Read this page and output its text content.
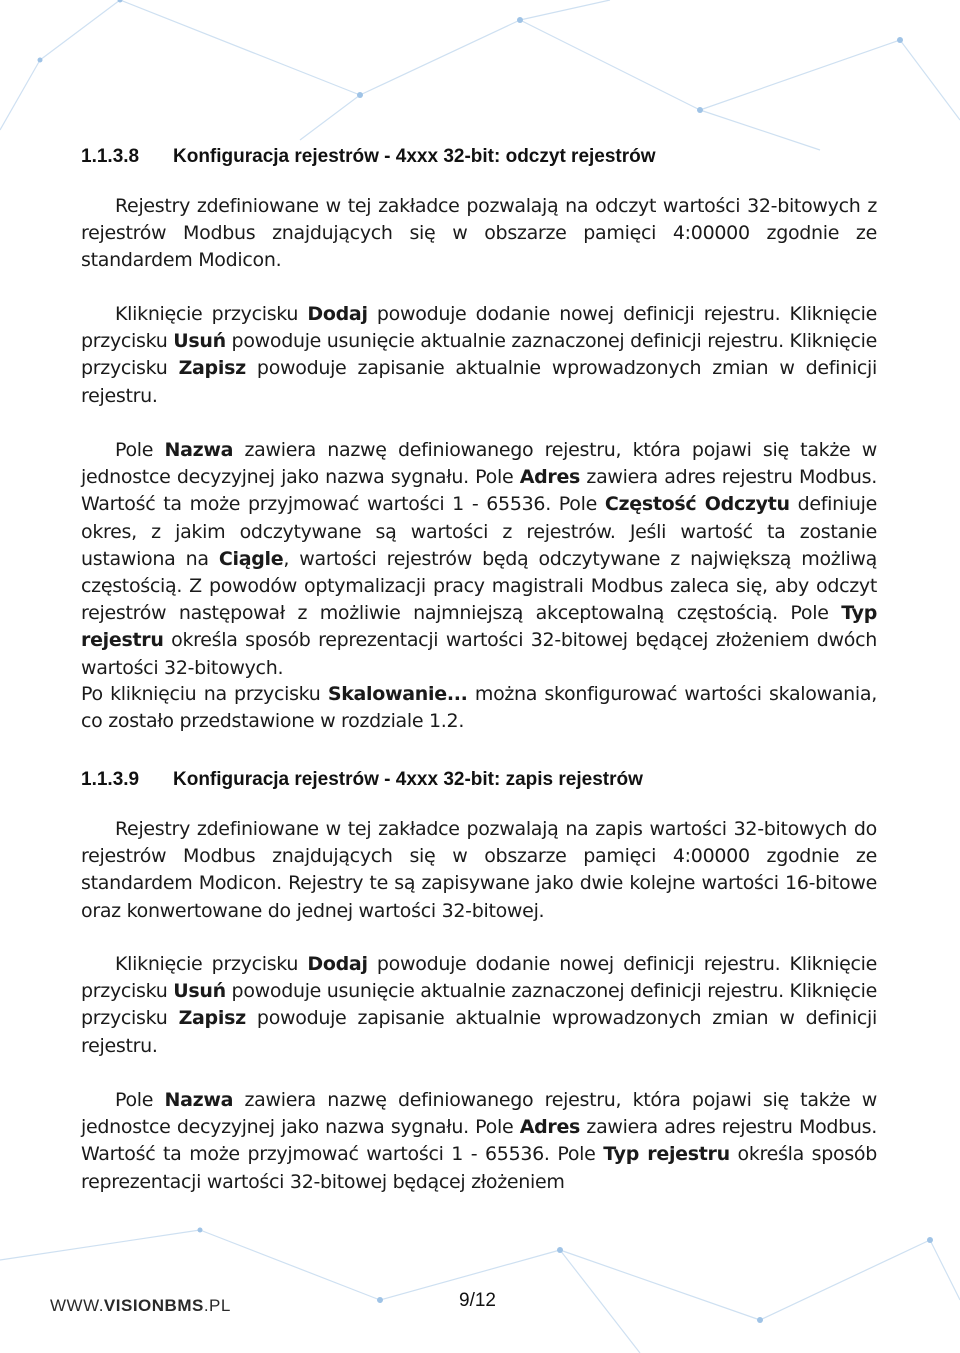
1.1.3.8 Konfiguracja rejestrów - 4xxx 32-bit: odczyt rejestrów
Rejestry zdefiniowane w tej zakładce pozwalają na odczyt wartości 32-bitowych z rejestrów Modbus znajdujących się w obszarze pamięci 4:00000 zgodnie ze standardem Modicon.
Kliknięcie przycisku Dodaj powoduje dodanie nowej definicji rejestru. Kliknięcie przycisku Usuń powoduje usunięcie aktualnie zaznaczonej definicji rejestru. Kliknięcie przycisku Zapisz powoduje zapisanie aktualnie wprowadzonych zmian w definicji rejestru.
Pole Nazwa zawiera nazwę definiowanego rejestru, która pojawi się także w jednostce decyzyjnej jako nazwa sygnału. Pole Adres zawiera adres rejestru Modbus. Wartość ta może przyjmować wartości 1 - 65536. Pole Częstość Odczytu definiuje okres, z jakim odczytywane są wartości z rejestrów. Jeśli wartość ta zostanie ustawiona na Ciągle, wartości rejestrów będą odczytywane z największą możliwą częstością. Z powodów optymalizacji pracy magistrali Modbus zaleca się, aby odczyt rejestrów następował z możliwie najmniejszą akceptowalną częstością. Pole Typ rejestru określa sposób reprezentacji wartości 32-bitowej będącej złożeniem dwóch wartości 32-bitowych.
Po kliknięciu na przycisku Skalowanie... można skonfigurować wartości skalowania, co zostało przedstawione w rozdziale 1.2.
1.1.3.9 Konfiguracja rejestrów - 4xxx 32-bit: zapis rejestrów
Rejestry zdefiniowane w tej zakładce pozwalają na zapis wartości 32-bitowych do rejestrów Modbus znajdujących się w obszarze pamięci 4:00000 zgodnie ze standardem Modicon. Rejestry te są zapisywane jako dwie kolejne wartości 16-bitowe oraz konwertowane do jednej wartości 32-bitowej.
Kliknięcie przycisku Dodaj powoduje dodanie nowej definicji rejestru. Kliknięcie przycisku Usuń powoduje usunięcie aktualnie zaznaczonej definicji rejestru. Kliknięcie przycisku Zapisz powoduje zapisanie aktualnie wprowadzonych zmian w definicji rejestru.
Pole Nazwa zawiera nazwę definiowanego rejestru, która pojawi się także w jednostce decyzyjnej jako nazwa sygnału. Pole Adres zawiera adres rejestru Modbus. Wartość ta może przyjmować wartości 1 - 65536. Pole Typ rejestru określa sposób reprezentacji wartości 32-bitowej będącej złożeniem
WWW.VISIONBMS.PL	9/12
